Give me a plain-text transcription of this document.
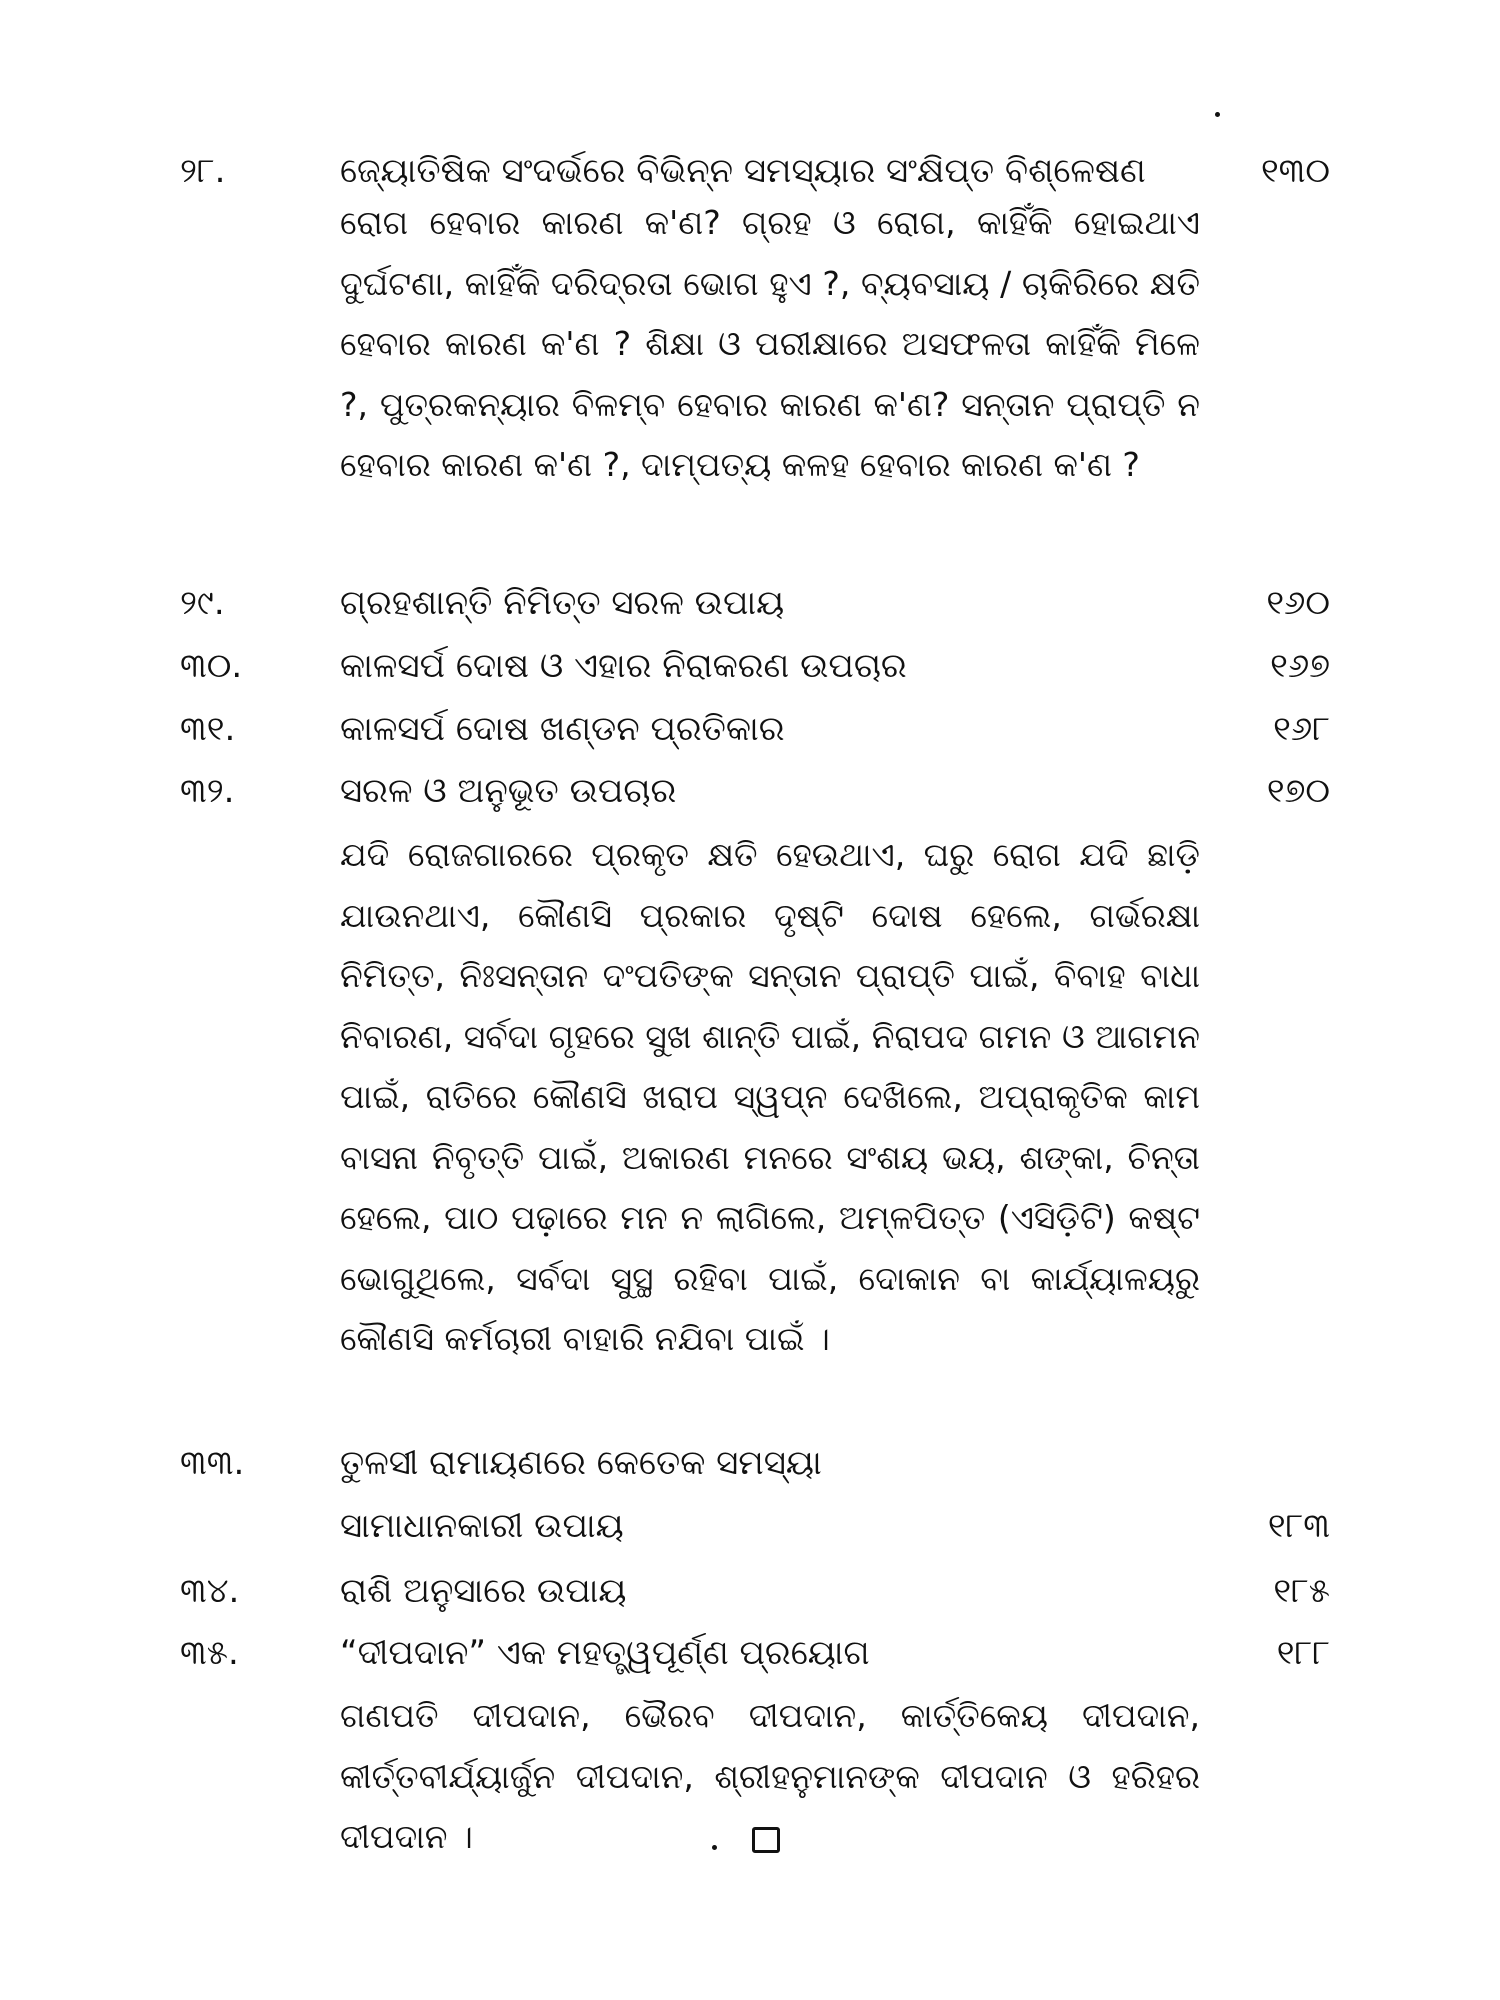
୨୮.	ଜ୍ୟୋତିଷିକ ସଂଦର୍ଭରେ ବିଭିନ୍ନ ସମସ୍ୟାର ସଂକ୍ଷିପ୍ତ ବିଶ୍ଳେଷଣ	୧୩୦
ରୋଗ ହେବାର କାରଣ କ'ଣ? ଗ୍ରହ ଓ ରୋଗ, କାହିଁକି ହୋଇଥାଏ ଦୁର୍ଘଟଣା, କାହିଁକି ଦରିଦ୍ରତା ଭୋଗ ହୁଏ ?, ବ୍ୟବସାୟ / ଚାକିରିରେ କ୍ଷତି ହେବାର କାରଣ କ'ଣ ? ଶିକ୍ଷା ଓ ପରୀକ୍ଷାରେ ଅସଫଳତା କାହିଁକି ମିଳେ ?, ପୁତ୍ରକନ୍ୟାର ବିଳମ୍ବ ହେବାର କାରଣ କ'ଣ? ସନ୍ତାନ ପ୍ରାପ୍ତି ନ ହେବାର କାରଣ କ'ଣ ?, ଦାମ୍ପତ୍ୟ କଳହ ହେବାର କାରଣ କ'ଣ ?
୨୯.	ଗ୍ରହଶାନ୍ତି ନିମିତ୍ତ ସରଳ ଉପାୟ	୧୬୦
୩୦.	କାଳସର୍ପ ଦୋଷ ଓ ଏହାର ନିରାକରଣ ଉପଚାର	୧୬୭
୩୧.	କାଳସର୍ପ ଦୋଷ ଖଣ୍ଡନ ପ୍ରତିକାର	୧୬୮
୩୨.	ସରଳ ଓ ଅନୁଭୂତ ଉପଚାର	୧୭୦
ଯଦି ରୋଜଗାରରେ ପ୍ରକୃତ କ୍ଷତି ହେଉଥାଏ, ଘରୁ ରୋଗ ଯଦି ଛାଡ଼ି ଯାଉନଥାଏ, କୌଣସି ପ୍ରକାର ଦୃଷ୍ଟି ଦୋଷ ହେଲେ, ଗର୍ଭରକ୍ଷା ନିମିତ୍ତ, ନିଃସନ୍ତାନ ଦଂପତିଙ୍କ ସନ୍ତାନ ପ୍ରାପ୍ତି ପାଇଁ, ବିବାହ ବାଧା ନିବାରଣ, ସର୍ବଦା ଗୃହରେ ସୁଖ ଶାନ୍ତି ପାଇଁ, ନିରାପଦ ଗମନ ଓ ଆଗମନ ପାଇଁ, ରାତିରେ କୌଣସି ଖରାପ ସ୍ୱପ୍ନ ଦେଖିଲେ, ଅପ୍ରାକୃତିକ କାମ ବାସନା ନିବୃତ୍ତି ପାଇଁ, ଅକାରଣ ମନରେ ସଂଶୟ ଭୟ, ଶଙ୍କା, ଚିନ୍ତା ହେଲେ, ପାଠ ପଢ଼ାରେ ମନ ନ ଲାଗିଲେ, ଅମ୍ଳପିତ୍ତ (ଏସିଡ଼ିଟି) କଷ୍ଟ ଭୋଗୁଥିଲେ, ସର୍ବଦା ସୁସ୍ଥ ରହିବା ପାଇଁ, ଦୋକାନ ବା କାର୍ଯ୍ୟାଳୟରୁ କୌଣସି କର୍ମଚାରୀ ବାହାରି ନଯିବା ପାଇଁ ।
୩୩.	ତୁଳସୀ ରାମାୟଣରେ କେତେକ ସମସ୍ୟା
ସାମାଧାନକାରୀ ଉପାୟ	୧୮୩
୩୪.	ରାଶି ଅନୁସାରେ ଉପାୟ	୧୮୫
୩୫.	“ଦୀପଦାନ” ଏକ ମହତ୍ତ୍ୱପୂର୍ଣ୍ଣ ପ୍ରୟୋଗ	୧୮୮
ଗଣପତି ଦୀପଦାନ, ଭୈରବ ଦୀପଦାନ, କାର୍ତ୍ତିକେୟ ଦୀପଦାନ, କୀର୍ତ୍ତବୀର୍ଯ୍ୟାର୍ଜୁନ ଦୀପଦାନ, ଶ୍ରୀହନୁମାନଙ୍କ ଦୀପଦାନ ଓ ହରିହର ଦୀପଦାନ ।
